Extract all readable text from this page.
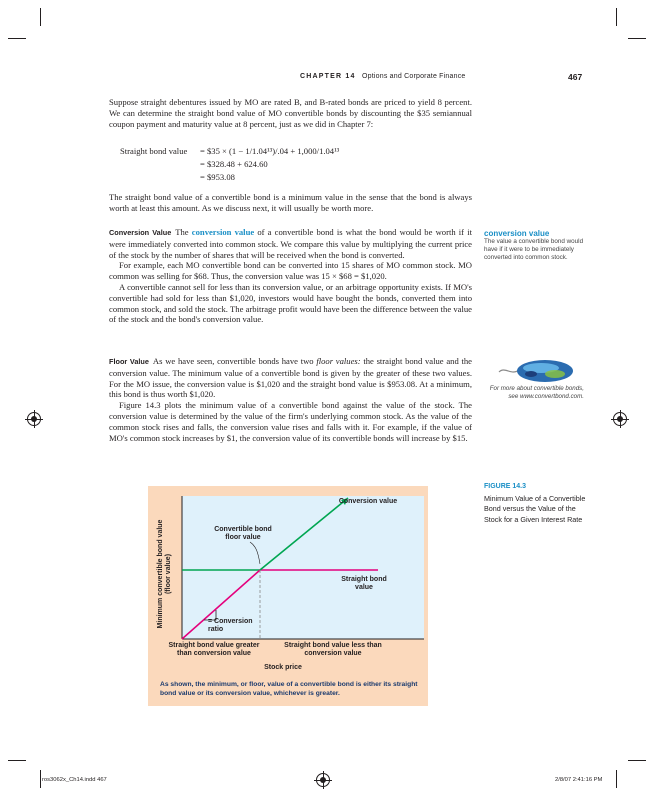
CHAPTER 14 Options and Corporate Finance	467

Suppose straight debentures issued by MO are rated B, and B-rated bonds are priced to yield 8 percent. We can determine the straight bond value of MO convertible bonds by discounting the $35 semiannual coupon payment and maturity value at 8 percent, just as we did in Chapter 7:

Straight bond value = $35 × (1 − 1/1.04¹³)/.04 + 1,000/1.04¹³
= $328.48 + 624.60
= $953.08

The straight bond value of a convertible bond is a minimum value in the sense that the bond is always worth at least this amount. As we discuss next, it will usually be worth more.

Conversion Value The conversion value of a convertible bond is what the bond would be worth if it were immediately converted into common stock. We compare this value by multiplying the current price of the stock by the number of shares that will be received when the bond is converted.

For example, each MO convertible bond can be converted into 15 shares of MO common stock. MO common was selling for $68. Thus, the conversion value was 15 × $68 = $1,020.

A convertible cannot sell for less than its conversion value, or an arbitrage opportunity exists. If MO's convertible had sold for less than $1,020, investors would have bought the bonds, converted them into common stock, and sold the stock. The arbitrage profit would have been the difference between the value of the stock and the bond's conversion value.

Floor Value As we have seen, convertible bonds have two floor values: the straight bond value and the conversion value. The minimum value of a convertible bond is given by the greater of these two values. For the MO issue, the conversion value is $1,020 and the straight bond value is $953.08. At a minimum, this bond is thus worth $1,020.

Figure 14.3 plots the minimum value of a convertible bond against the value of the stock. The conversion value is determined by the value of the firm's underlying common stock. As the value of the common stock rises and falls, the conversion value rises and falls with it. For example, if the value of MO's common stock increases by $1, the conversion value of its convertible bonds will increase by $15.

conversion value
The value a convertible bond would have if it were to be immediately converted into common stock.
For more about convertible bonds, see www.convertbond.com.
FIGURE 14.3
Minimum Value of a Convertible Bond versus the Value of the Stock for a Given Interest Rate
Minimum convertible bond value (floor value)
Conversion value
Convertible bond floor value
Straight bond value
= Conversion ratio
Straight bond value greater than conversion value
Straight bond value less than conversion value
Stock price
As shown, the minimum, or floor, value of a convertible bond is either its straight bond value or its conversion value, whichever is greater.
ros3062x_Ch14.indd 467	2/8/07 2:41:16 PM
